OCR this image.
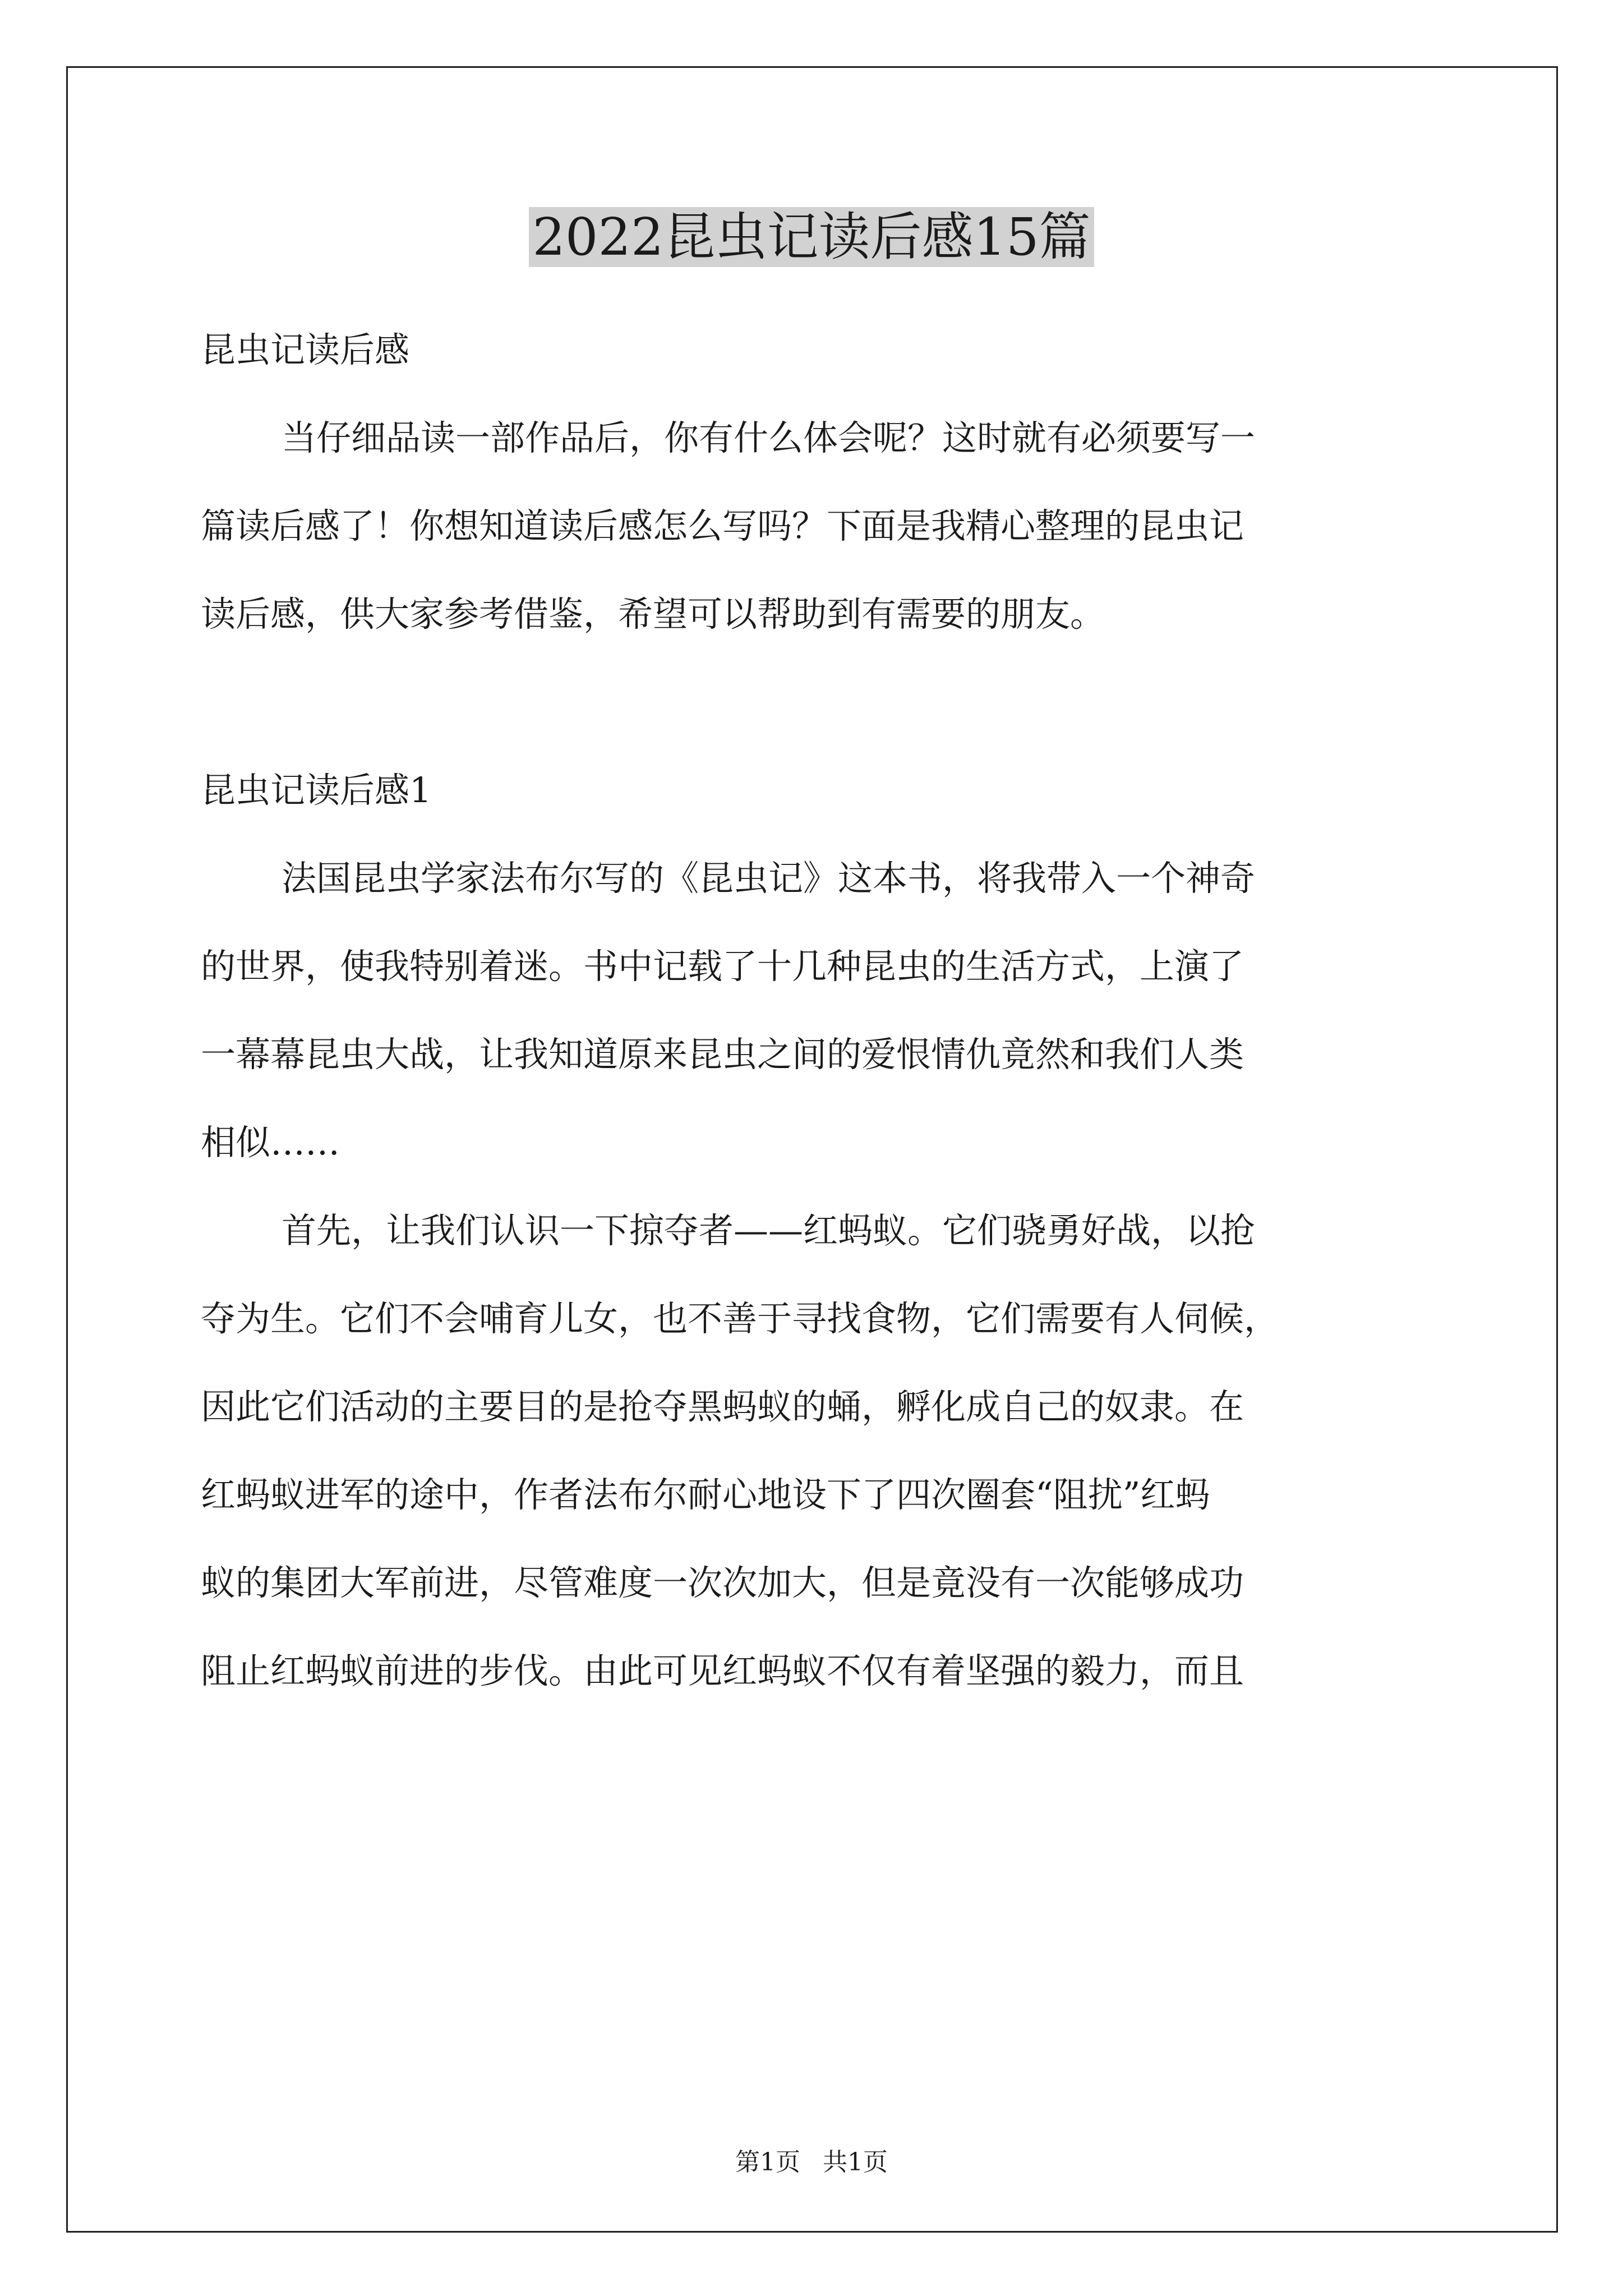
2022昆虫记读后感15篇
昆虫记读后感
当仔细品读一部作品后，你有什么体会呢？这时就有必须要写一
篇读后感了！你想知道读后感怎么写吗？下面是我精心整理的昆虫记
读后感，供大家参考借鉴，希望可以帮助到有需要的朋友。
昆虫记读后感1
法国昆虫学家法布尔写的《昆虫记》这本书，将我带入一个神奇
的世界，使我特别着迷。书中记载了十几种昆虫的生活方式，上演了
一幕幕昆虫大战，让我知道原来昆虫之间的爱恨情仇竟然和我们人类
相似……
首先，让我们认识一下掠夺者——红蚂蚁。它们骁勇好战，以抢
夺为生。它们不会哺育儿女，也不善于寻找食物，它们需要有人伺候，
因此它们活动的主要目的是抢夺黑蚂蚁的蛹，孵化成自己的奴隶。在
红蚂蚁进军的途中，作者法布尔耐心地设下了四次圈套“阻扰”红蚂
蚁的集团大军前进，尽管难度一次次加大，但是竟没有一次能够成功
阻止红蚂蚁前进的步伐。由此可见红蚂蚁不仅有着坚强的毅力，而且
第1页 共1页
